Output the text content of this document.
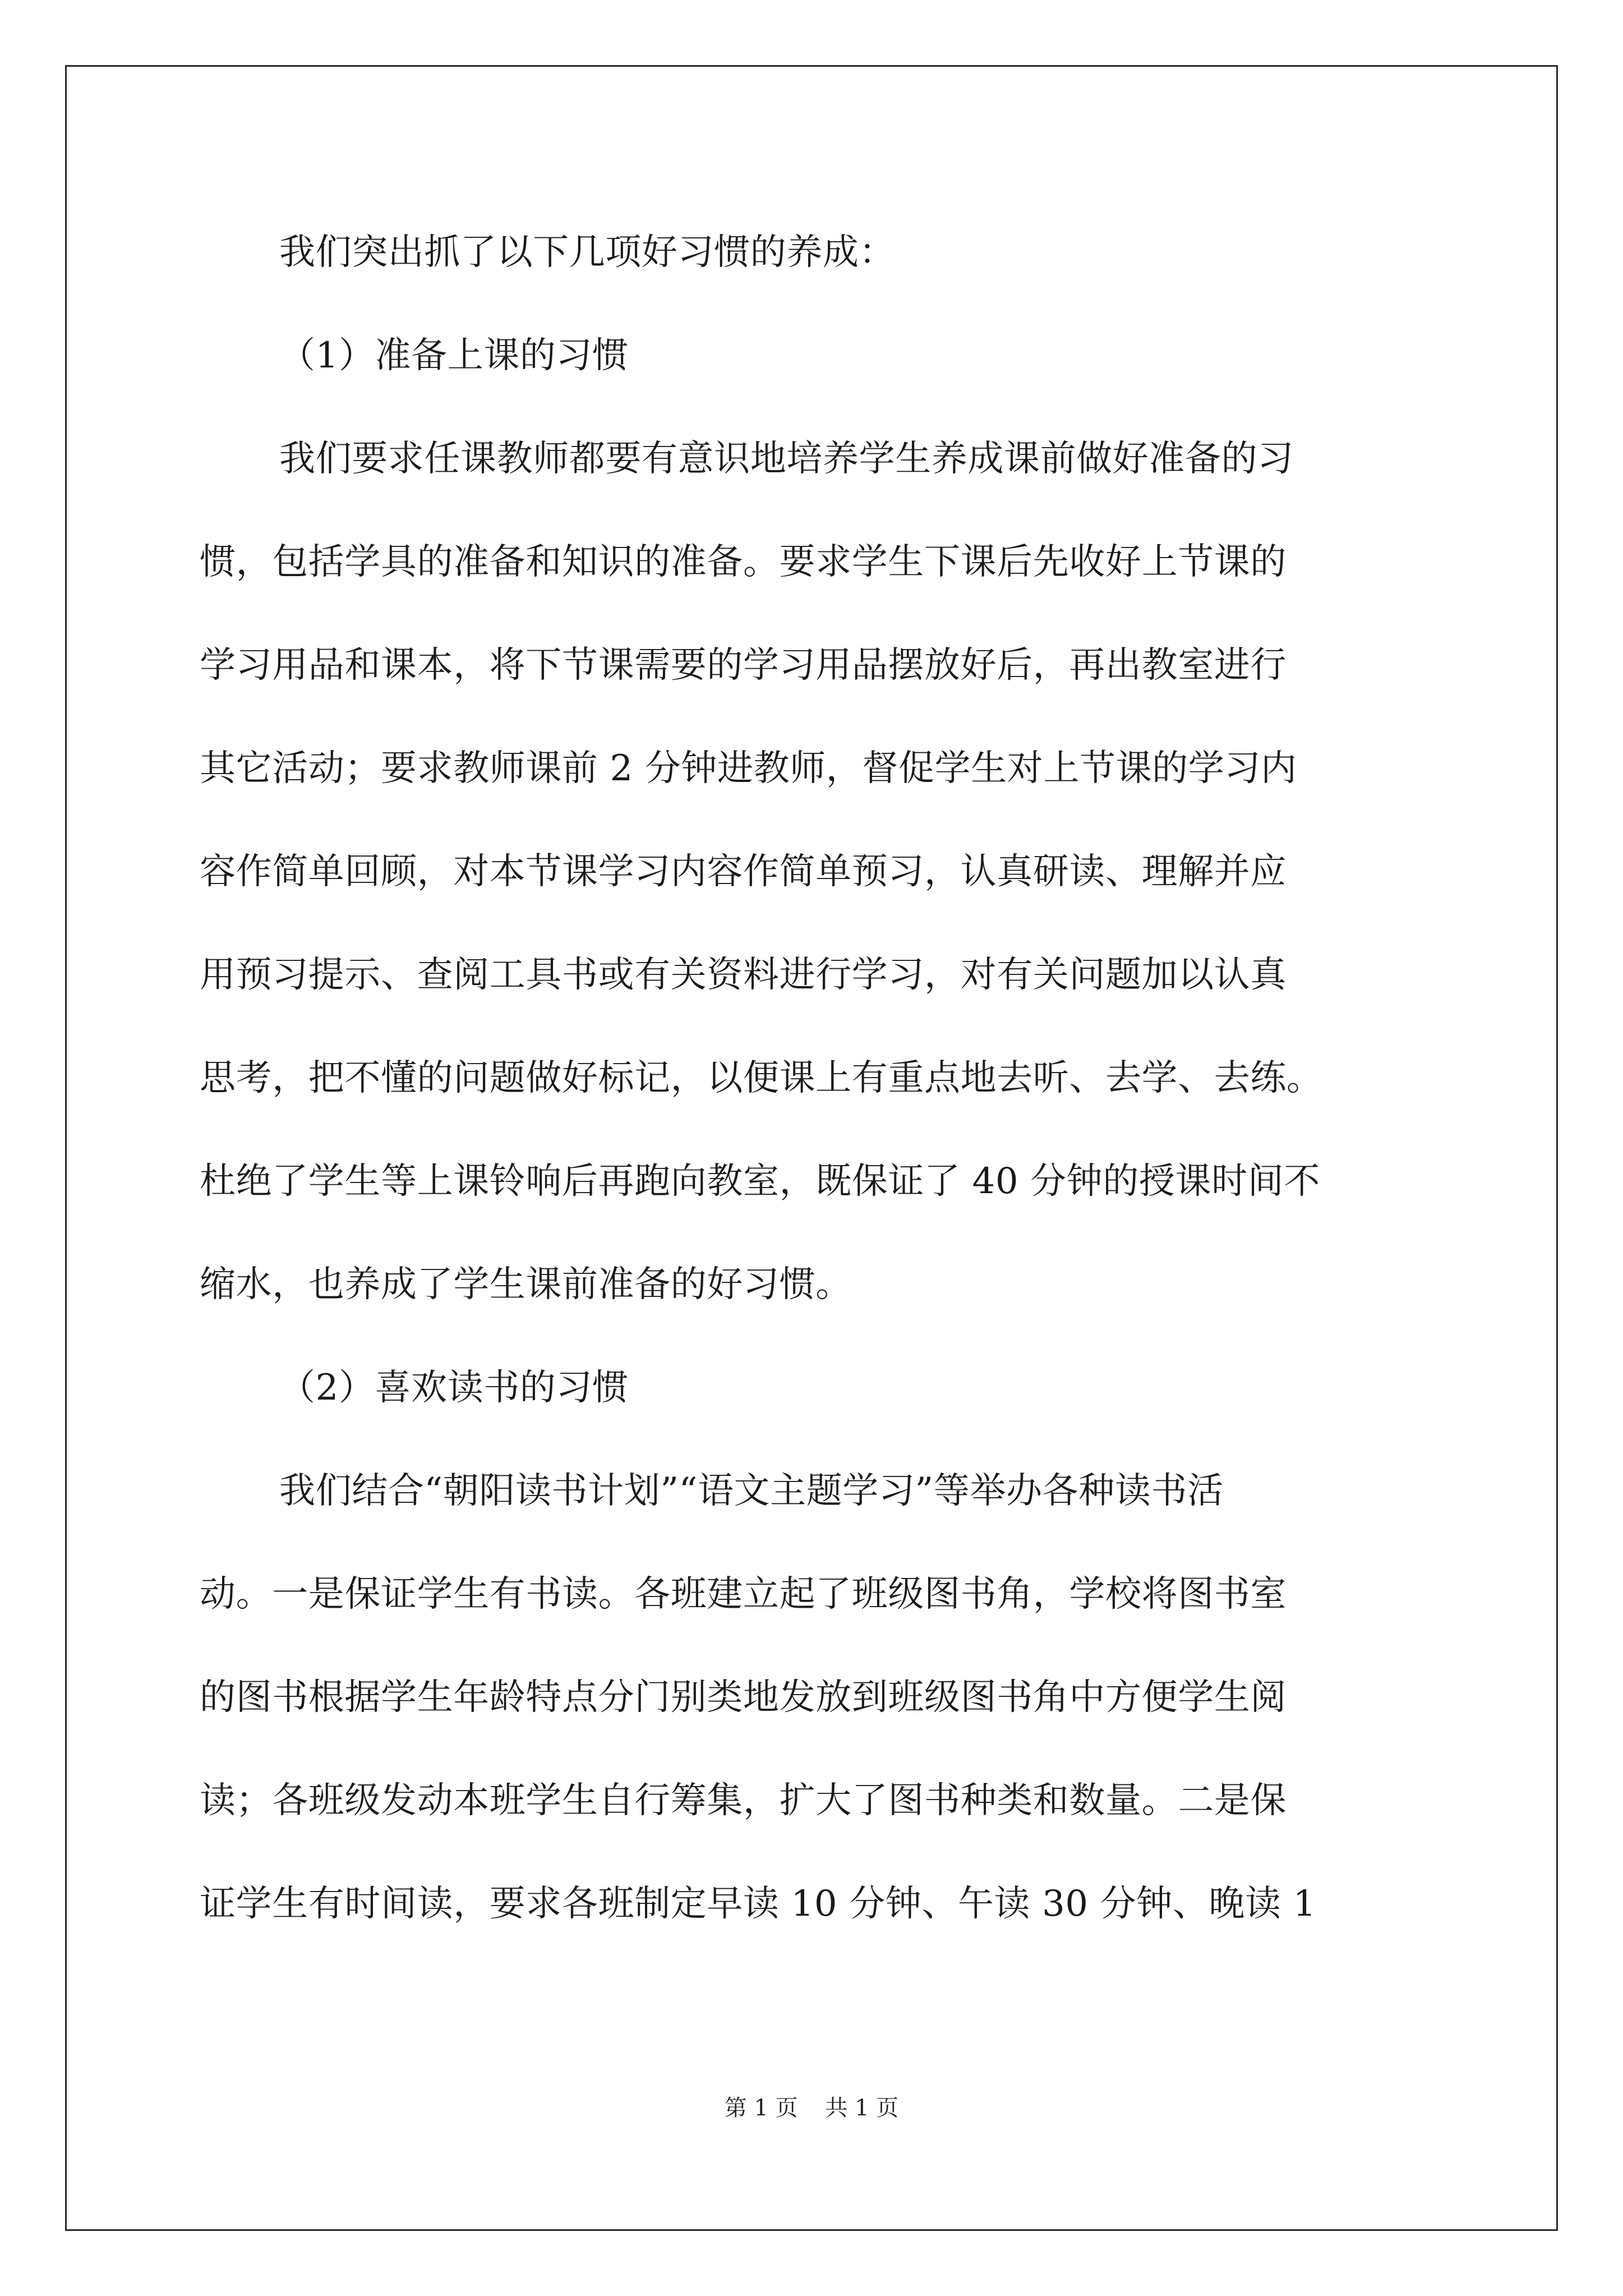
我们突出抓了以下几项好习惯的养成：
（1）准备上课的习惯
我们要求任课教师都要有意识地培养学生养成课前做好准备的习
惯，包括学具的准备和知识的准备。要求学生下课后先收好上节课的
学习用品和课本，将下节课需要的学习用品摆放好后，再出教室进行
其它活动；要求教师课前 2 分钟进教师，督促学生对上节课的学习内
容作简单回顾，对本节课学习内容作简单预习，认真研读、理解并应
用预习提示、查阅工具书或有关资料进行学习，对有关问题加以认真
思考，把不懂的问题做好标记，以便课上有重点地去听、去学、去练。
杜绝了学生等上课铃响后再跑向教室，既保证了 40 分钟的授课时间不
缩水，也养成了学生课前准备的好习惯。
（2）喜欢读书的习惯
我们结合“朝阳读书计划”“语文主题学习”等举办各种读书活
动。一是保证学生有书读。各班建立起了班级图书角，学校将图书室
的图书根据学生年龄特点分门别类地发放到班级图书角中方便学生阅
读；各班级发动本班学生自行筹集，扩大了图书种类和数量。二是保
证学生有时间读，要求各班制定早读 10 分钟、午读 30 分钟、晚读 1
第 1 页 共 1 页
